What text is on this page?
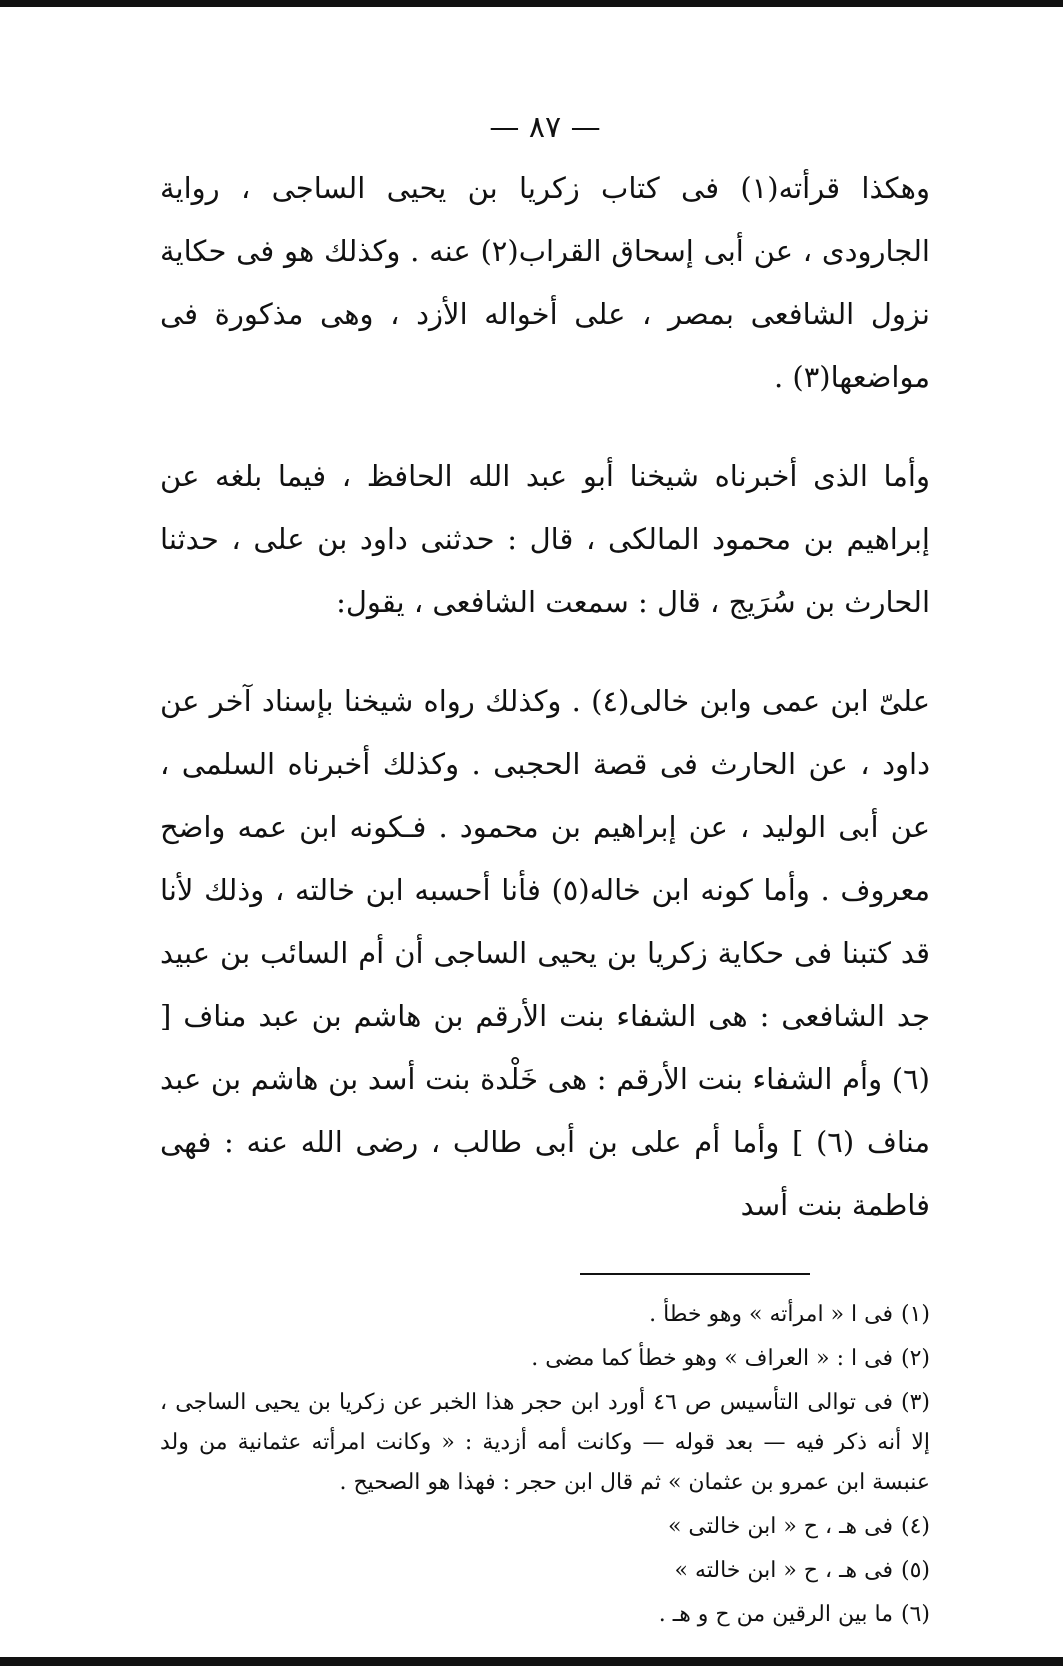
— ٨٧ —

وهكذا قرأته(١) فى كتاب زكريا بن يحيى الساجى ، رواية الجارودى ، عن أبى إسحاق القراب(٢) عنه . وكذلك هو فى حكاية نزول الشافعى بمصر ، على أخواله الأزد ، وهى مذكورة فى مواضعها(٣) .

وأما الذى أخبرناه شيخنا أبو عبد الله الحافظ ، فيما بلغه عن إبراهيم بن محمود المالكى ، قال : حدثنى داود بن على ، حدثنا الحارث بن سُرَيج ، قال : سمعت الشافعى ، يقول:

علىّ ابن عمى وابن خالى(٤) . وكذلك رواه شيخنا بإسناد آخر عن داود ، عن الحارث فى قصة الحجبى . وكذلك أخبرناه السلمى ، عن أبى الوليد ، عن إبراهيم بن محمود . فـكونه ابن عمه واضح معروف . وأما كونه ابن خاله(٥) فأنا أحسبه ابن خالته ، وذلك لأنا قد كتبنا فى حكاية زكريا بن يحيى الساجى أن أم السائب بن عبيد جد الشافعى : هى الشفاء بنت الأرقم بن هاشم بن عبد مناف [ (٦) وأم الشفاء بنت الأرقم : هى خَلْدة بنت أسد بن هاشم بن عبد مناف (٦) ] وأما أم على بن أبى طالب ، رضى الله عنه : فهى فاطمة بنت أسد

(١)فى ا « امرأته » وهو خطأ .
(٢)فى ا : « العراف » وهو خطأ كما مضى .
(٣)فى توالى التأسيس ص ٤٦ أورد ابن حجر هذا الخبر عن زكريا بن يحيى الساجى ، إلا أنه ذكر فيه — بعد قوله — وكانت أمه أزدية : « وكانت امرأته عثمانية من ولد عنبسة ابن عمرو بن عثمان » ثم قال ابن حجر : فهذا هو الصحيح .
(٤)فى هـ ، ح « ابن خالتى »
(٥)فى هـ ، ح « ابن خالته »
(٦)ما بين الرقين من ح و هـ .
